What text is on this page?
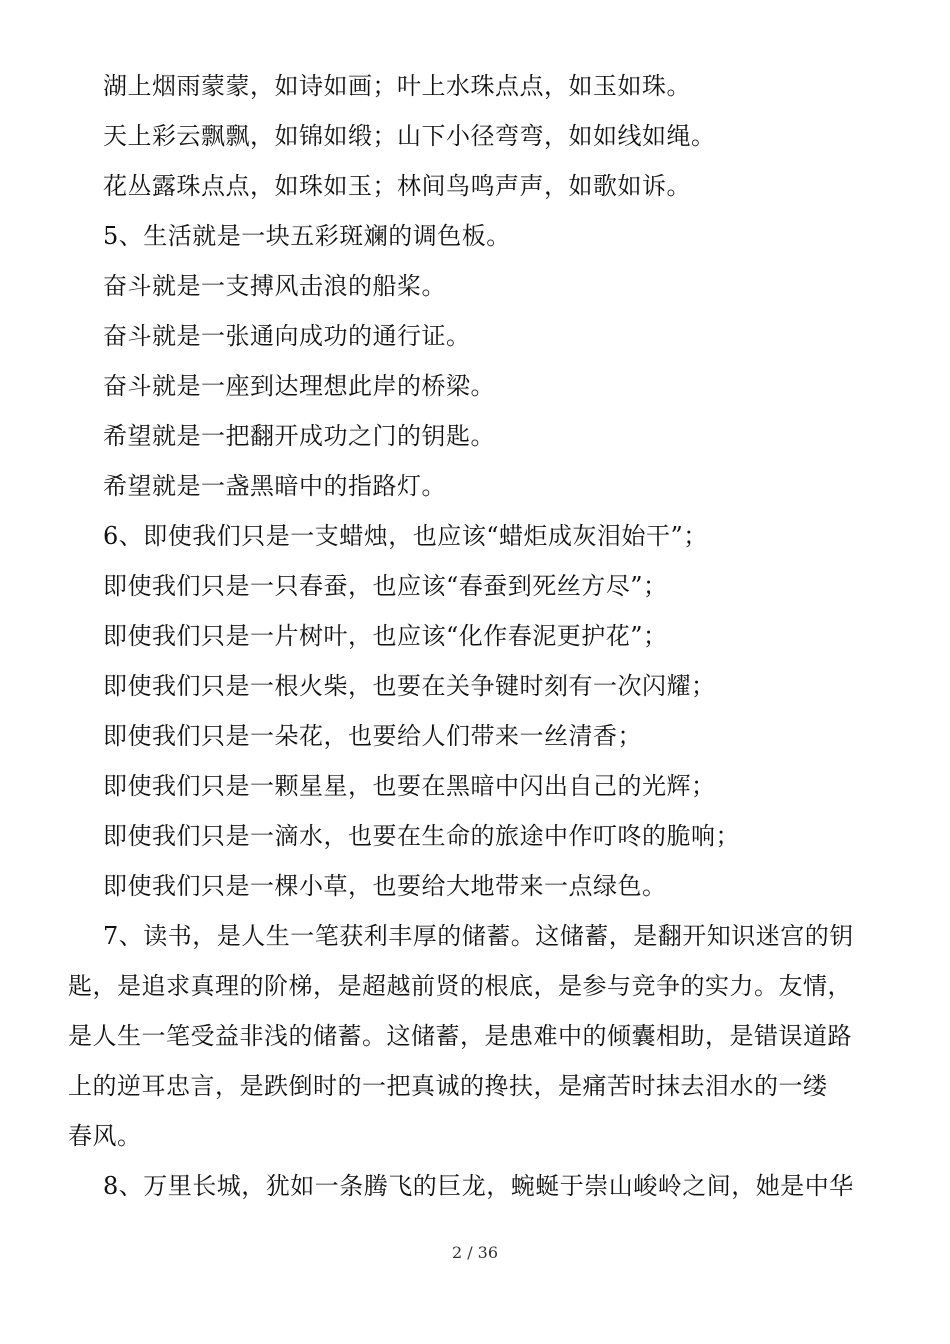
湖上烟雨蒙蒙，如诗如画；叶上水珠点点，如玉如珠。
天上彩云飘飘，如锦如缎；山下小径弯弯，如如线如绳。
花丛露珠点点，如珠如玉；林间鸟鸣声声，如歌如诉。
5、生活就是一块五彩斑斓的调色板。
奋斗就是一支搏风击浪的船桨。
奋斗就是一张通向成功的通行证。
奋斗就是一座到达理想此岸的桥梁。
希望就是一把翻开成功之门的钥匙。
希望就是一盏黑暗中的指路灯。
6、即使我们只是一支蜡烛，也应该“蜡炬成灰泪始干”；
即使我们只是一只春蚕，也应该“春蚕到死丝方尽”；
即使我们只是一片树叶，也应该“化作春泥更护花”；
即使我们只是一根火柴，也要在关争键时刻有一次闪耀；
即使我们只是一朵花，也要给人们带来一丝清香；
即使我们只是一颗星星，也要在黑暗中闪出自己的光辉；
即使我们只是一滴水，也要在生命的旅途中作叮咚的脆响；
即使我们只是一棵小草，也要给大地带来一点绿色。
7、读书，是人生一笔获利丰厚的储蓄。这储蓄，是翻开知识迷宫的钥
匙，是追求真理的阶梯，是超越前贤的根底，是参与竞争的实力。友情，
是人生一笔受益非浅的储蓄。这储蓄，是患难中的倾囊相助，是错误道路
上的逆耳忠言，是跌倒时的一把真诚的搀扶，是痛苦时抹去泪水的一缕
春风。
8、万里长城，犹如一条腾飞的巨龙，蜿蜒于崇山峻岭之间，她是中华
2 / 36
